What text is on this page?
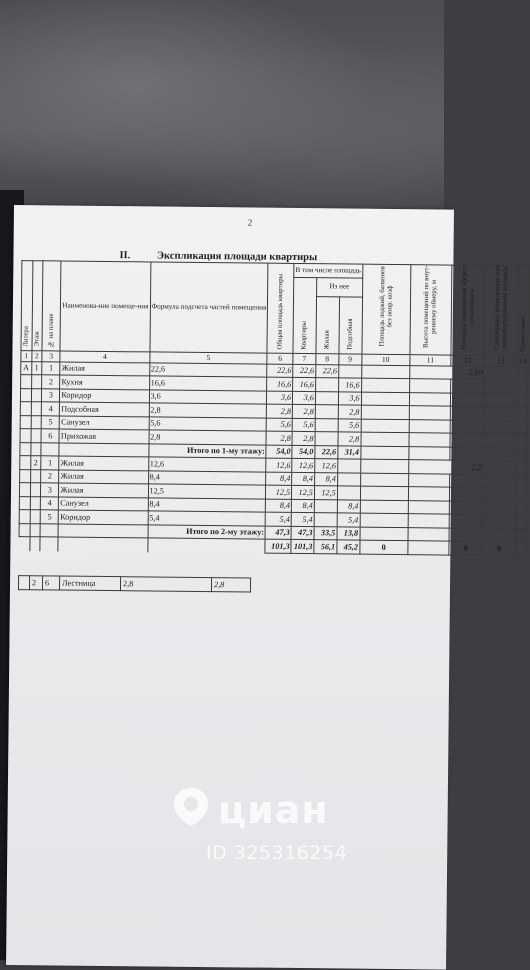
2
II.	Экспликация площади квартиры
Литера	Этаж	№ на плане	Наименова-ние помеще-ния	Формула подсчета частей помещения	Общая площадь квартиры	В том числе площадь			Площадь лоджий, балконов без понр. коэф	Высота помещений по внут-реннему обмеру, м	Площадь помещений общего пользования	Самовольно возведенная или переоборудованная площадь	Примечание
						Квартиры	Из нее						
							Жилая	Подсобная					
1	2	3	4	5	6	7	8	9	10	11	12	13	14
А	1	1	Жилая	22,6	22,6	22,6	22,6			2,69			
		2	Кухня	16,6	16,6	16,6		16,6					
		3	Коридор	3,6	3,6	3,6		3,6					
		4	Подсобная	2,8	2,8	2,8		2,8					
		5	Санузел	5,6	5,6	5,6		5,6					
		6	Прихожая	2,8	2,8	2,8		2,8					
				Итого по 1-му этажу:	54,0	54,0	22,6	31,4					
	2	1	Жилая	12,6	12,6	12,6	12,6			2,5			
		2	Жилая	8,4	8,4	8,4	8,4						
		3	Жилая	12,5	12,5	12,5	12,5						
		4	Санузел	8,4	8,4	8,4		8,4					
		5	Коридор	5,4	5,4	5,4		5,4					
				Итого по 2-му этажу:	47,3	47,3	33,5	13,8					
					101,3	101,3	56,1	45,2	0		0	0	
	2	6	Лестница	2,8	2,8
циан
ID 325316254
